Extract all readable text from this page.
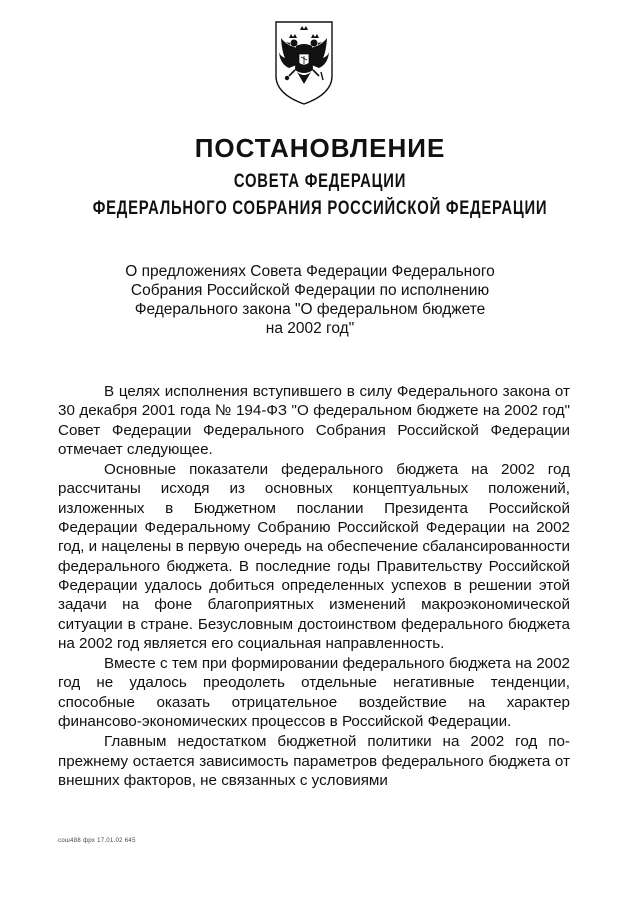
ПОСТАНОВЛЕНИЕ
СОВЕТА ФЕДЕРАЦИИ
ФЕДЕРАЛЬНОГО СОБРАНИЯ РОССИЙСКОЙ ФЕДЕРАЦИИ
О предложениях Совета Федерации Федерального
Собрания Российской Федерации по исполнению
Федерального закона "О федеральном бюджете
на 2002 год"

В целях исполнения вступившего в силу Федерального закона от 30 декабря 2001 года № 194-ФЗ "О федеральном бюджете на 2002 год" Совет Федерации Федерального Собрания Российской Федерации отмечает следующее.

Основные показатели федерального бюджета на 2002 год рассчитаны исходя из основных концептуальных положений, изложенных в Бюджетном послании Президента Российской Федерации Федеральному Собранию Российской Федерации на 2002 год, и нацелены в первую очередь на обеспечение сбалансированности федерального бюджета. В последние годы Правительству Российской Федерации удалось добиться определенных успехов в решении этой задачи на фоне благоприятных изменений макроэкономической ситуации в стране. Безусловным достоинством федерального бюджета на 2002 год является его социальная направленность.

Вместе с тем при формировании федерального бюджета на 2002 год не удалось преодолеть отдельные негативные тенденции, способные оказать отрицательное воздействие на характер финансово-экономических процессов в Российской Федерации.

Главным недостатком бюджетной политики на 2002 год по-прежнему остается зависимость параметров федерального бюджета от внешних факторов, не связанных с условиями

сош488 фрх 17.01.02 645
